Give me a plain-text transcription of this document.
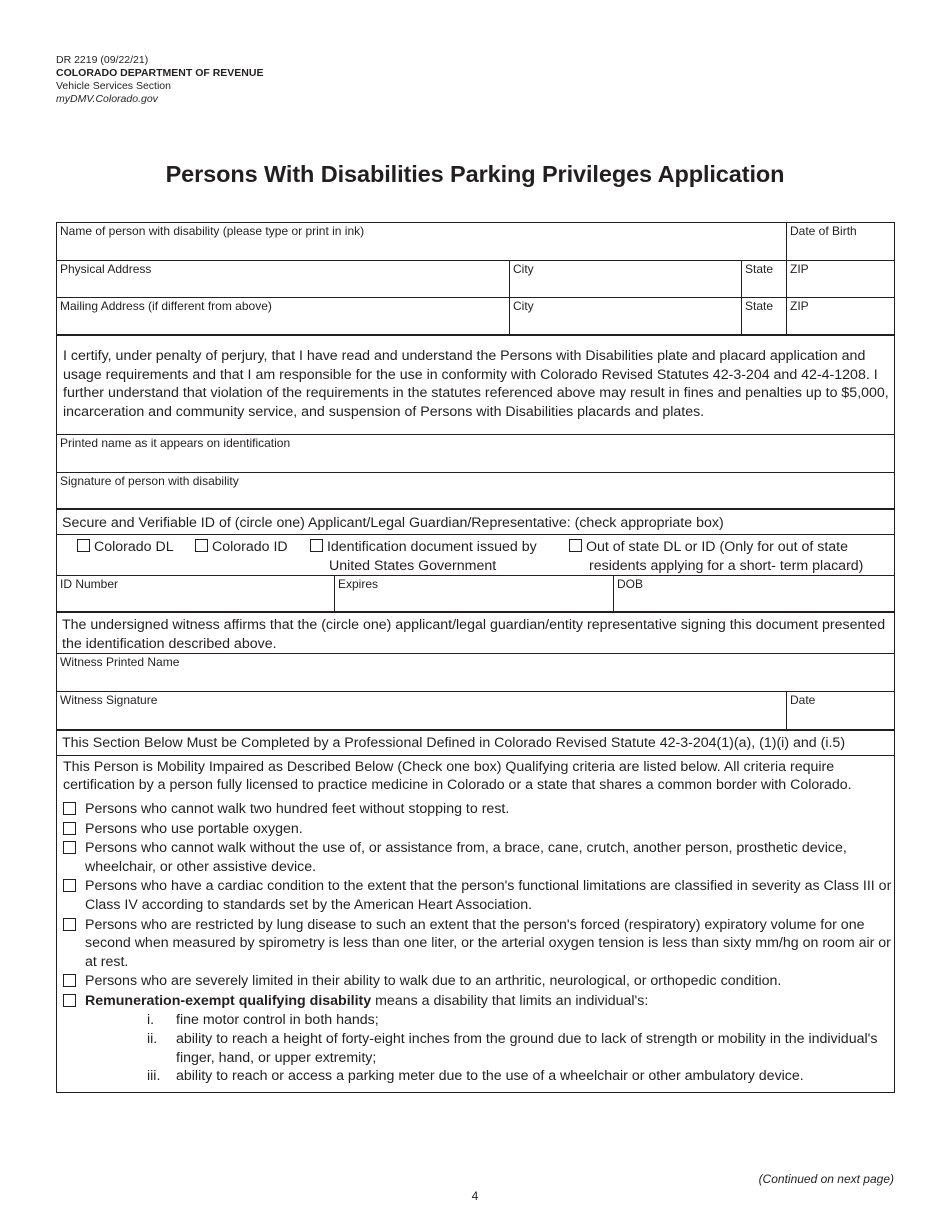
DR 2219 (09/22/21)
COLORADO DEPARTMENT OF REVENUE
Vehicle Services Section
myDMV.Colorado.gov
Persons With Disabilities Parking Privileges Application
Name of person with disability (please type or print in ink)	Date of Birth
Physical Address	City	State	ZIP
Mailing Address (if different from above)	City	State	ZIP
I certify, under penalty of perjury, that I have read and understand the Persons with Disabilities plate and placard application and usage requirements and that I am responsible for the use in conformity with Colorado Revised Statutes 42-3-204 and 42-4-1208. I further understand that violation of the requirements in the statutes referenced above may result in fines and penalties up to $5,000, incarceration and community service, and suspension of Persons with Disabilities placards and plates.
Printed name as it appears on identification
Signature of person with disability
Secure and Verifiable ID of (circle one) Applicant/Legal Guardian/Representative: (check appropriate box)
Colorado DL	Colorado ID	Identification document issued by
United States Government
Out of state DL or ID (Only for out of state
residents applying for a short- term placard)
ID Number	Expires	DOB
The undersigned witness affirms that the (circle one) applicant/legal guardian/entity representative signing this document presented the identification described above.
Witness Printed Name
Witness Signature	Date
This Section Below Must be Completed by a Professional Defined in Colorado Revised Statute 42-3-204(1)(a), (1)(i) and (i.5)
This Person is Mobility Impaired as Described Below (Check one box) Qualifying criteria are listed below. All criteria require certification by a person fully licensed to practice medicine in Colorado or a state that shares a common border with Colorado.
Persons who cannot walk two hundred feet without stopping to rest.
Persons who use portable oxygen.
Persons who cannot walk without the use of, or assistance from, a brace, cane, crutch, another person, prosthetic device, wheelchair, or other assistive device.
Persons who have a cardiac condition to the extent that the person's functional limitations are classified in severity as Class III or Class IV according to standards set by the American Heart Association.
Persons who are restricted by lung disease to such an extent that the person's forced (respiratory) expiratory volume for one second when measured by spirometry is less than one liter, or the arterial oxygen tension is less than sixty mm/hg on room air or at rest.
Persons who are severely limited in their ability to walk due to an arthritic, neurological, or orthopedic condition.
Remuneration-exempt qualifying disability means a disability that limits an individual's:
i.	fine motor control in both hands;
ii.	ability to reach a height of forty-eight inches from the ground due to lack of strength or mobility in the individual's finger, hand, or upper extremity;
iii.	ability to reach or access a parking meter due to the use of a wheelchair or other ambulatory device.
(Continued on next page)
4
